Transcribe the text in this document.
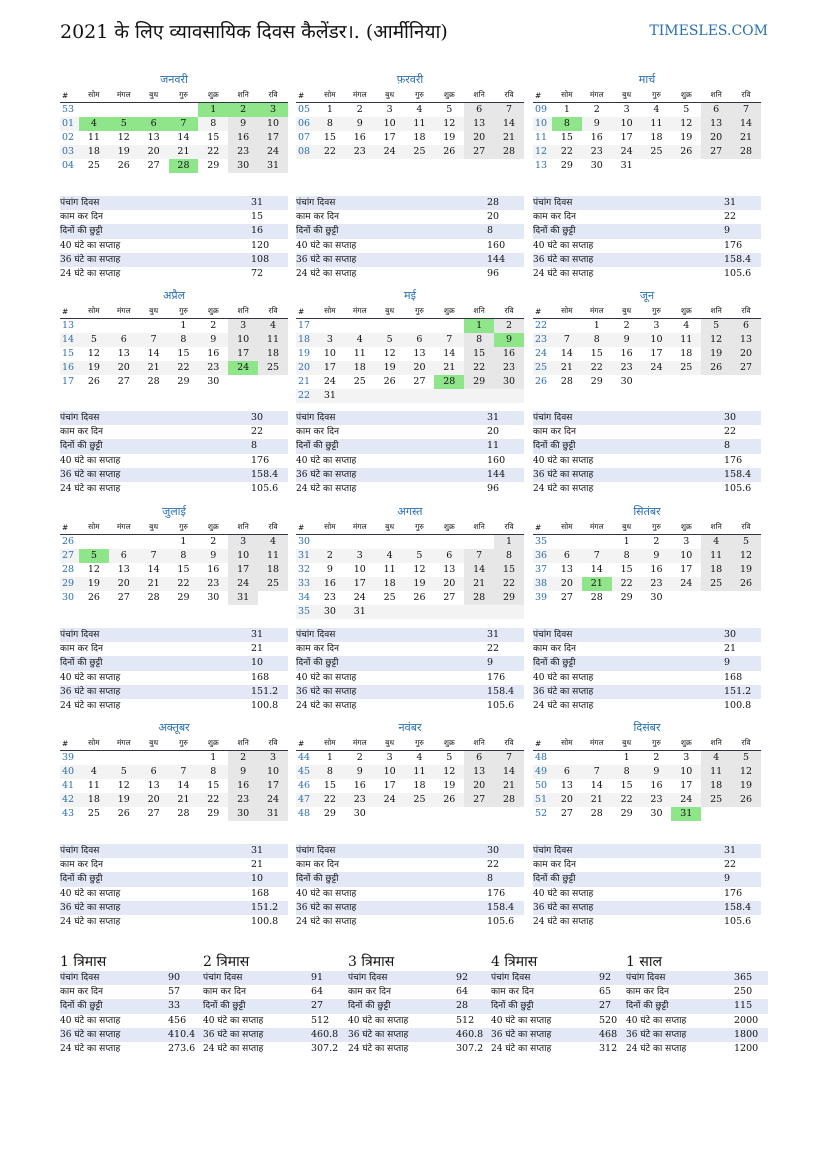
2021 के लिए व्यावसायिक दिवस कैलेंडर।. (आर्मीनिया)	TIMESLES.COM
जनवरी
#	सोम	मंगल	बुध	गुरु	शुक्र	शनि	रवि
53					1	2	3
01	4	5	6	7	8	9	10
02	11	12	13	14	15	16	17
03	18	19	20	21	22	23	24
04	25	26	27	28	29	30	31
पंचांग दिवस	31
काम कर दिन	15
दिनों की छुट्टी	16
40 घंटे का सप्ताह	120
36 घंटे का सप्ताह	108
24 घंटे का सप्ताह	72
फ़रवरी
#	सोम	मंगल	बुध	गुरु	शुक्र	शनि	रवि
05	1	2	3	4	5	6	7
06	8	9	10	11	12	13	14
07	15	16	17	18	19	20	21
08	22	23	24	25	26	27	28
पंचांग दिवस	28
काम कर दिन	20
दिनों की छुट्टी	8
40 घंटे का सप्ताह	160
36 घंटे का सप्ताह	144
24 घंटे का सप्ताह	96
मार्च
#	सोम	मंगल	बुध	गुरु	शुक्र	शनि	रवि
09	1	2	3	4	5	6	7
10	8	9	10	11	12	13	14
11	15	16	17	18	19	20	21
12	22	23	24	25	26	27	28
13	29	30	31				
पंचांग दिवस	31
काम कर दिन	22
दिनों की छुट्टी	9
40 घंटे का सप्ताह	176
36 घंटे का सप्ताह	158.4
24 घंटे का सप्ताह	105.6
अप्रैल
#	सोम	मंगल	बुध	गुरु	शुक्र	शनि	रवि
13				1	2	3	4
14	5	6	7	8	9	10	11
15	12	13	14	15	16	17	18
16	19	20	21	22	23	24	25
17	26	27	28	29	30		
पंचांग दिवस	30
काम कर दिन	22
दिनों की छुट्टी	8
40 घंटे का सप्ताह	176
36 घंटे का सप्ताह	158.4
24 घंटे का सप्ताह	105.6
मई
#	सोम	मंगल	बुध	गुरु	शुक्र	शनि	रवि
17						1	2
18	3	4	5	6	7	8	9
19	10	11	12	13	14	15	16
20	17	18	19	20	21	22	23
21	24	25	26	27	28	29	30
22	31						
पंचांग दिवस	31
काम कर दिन	20
दिनों की छुट्टी	11
40 घंटे का सप्ताह	160
36 घंटे का सप्ताह	144
24 घंटे का सप्ताह	96
जून
#	सोम	मंगल	बुध	गुरु	शुक्र	शनि	रवि
22		1	2	3	4	5	6
23	7	8	9	10	11	12	13
24	14	15	16	17	18	19	20
25	21	22	23	24	25	26	27
26	28	29	30				
पंचांग दिवस	30
काम कर दिन	22
दिनों की छुट्टी	8
40 घंटे का सप्ताह	176
36 घंटे का सप्ताह	158.4
24 घंटे का सप्ताह	105.6
जुलाई
#	सोम	मंगल	बुध	गुरु	शुक्र	शनि	रवि
26				1	2	3	4
27	5	6	7	8	9	10	11
28	12	13	14	15	16	17	18
29	19	20	21	22	23	24	25
30	26	27	28	29	30	31	
पंचांग दिवस	31
काम कर दिन	21
दिनों की छुट्टी	10
40 घंटे का सप्ताह	168
36 घंटे का सप्ताह	151.2
24 घंटे का सप्ताह	100.8
अगस्त
#	सोम	मंगल	बुध	गुरु	शुक्र	शनि	रवि
30							1
31	2	3	4	5	6	7	8
32	9	10	11	12	13	14	15
33	16	17	18	19	20	21	22
34	23	24	25	26	27	28	29
35	30	31					
पंचांग दिवस	31
काम कर दिन	22
दिनों की छुट्टी	9
40 घंटे का सप्ताह	176
36 घंटे का सप्ताह	158.4
24 घंटे का सप्ताह	105.6
सितंबर
#	सोम	मंगल	बुध	गुरु	शुक्र	शनि	रवि
35			1	2	3	4	5
36	6	7	8	9	10	11	12
37	13	14	15	16	17	18	19
38	20	21	22	23	24	25	26
39	27	28	29	30			
पंचांग दिवस	30
काम कर दिन	21
दिनों की छुट्टी	9
40 घंटे का सप्ताह	168
36 घंटे का सप्ताह	151.2
24 घंटे का सप्ताह	100.8
अक्तूबर
#	सोम	मंगल	बुध	गुरु	शुक्र	शनि	रवि
39					1	2	3
40	4	5	6	7	8	9	10
41	11	12	13	14	15	16	17
42	18	19	20	21	22	23	24
43	25	26	27	28	29	30	31
पंचांग दिवस	31
काम कर दिन	21
दिनों की छुट्टी	10
40 घंटे का सप्ताह	168
36 घंटे का सप्ताह	151.2
24 घंटे का सप्ताह	100.8
नवंबर
#	सोम	मंगल	बुध	गुरु	शुक्र	शनि	रवि
44	1	2	3	4	5	6	7
45	8	9	10	11	12	13	14
46	15	16	17	18	19	20	21
47	22	23	24	25	26	27	28
48	29	30					
पंचांग दिवस	30
काम कर दिन	22
दिनों की छुट्टी	8
40 घंटे का सप्ताह	176
36 घंटे का सप्ताह	158.4
24 घंटे का सप्ताह	105.6
दिसंबर
#	सोम	मंगल	बुध	गुरु	शुक्र	शनि	रवि
48			1	2	3	4	5
49	6	7	8	9	10	11	12
50	13	14	15	16	17	18	19
51	20	21	22	23	24	25	26
52	27	28	29	30	31		
पंचांग दिवस	31
काम कर दिन	22
दिनों की छुट्टी	9
40 घंटे का सप्ताह	176
36 घंटे का सप्ताह	158.4
24 घंटे का सप्ताह	105.6
1 त्रिमास
पंचांग दिवस	90
काम कर दिन	57
दिनों की छुट्टी	33
40 घंटे का सप्ताह	456
36 घंटे का सप्ताह	410.4
24 घंटे का सप्ताह	273.6
2 त्रिमास
पंचांग दिवस	91
काम कर दिन	64
दिनों की छुट्टी	27
40 घंटे का सप्ताह	512
36 घंटे का सप्ताह	460.8
24 घंटे का सप्ताह	307.2
3 त्रिमास
पंचांग दिवस	92
काम कर दिन	64
दिनों की छुट्टी	28
40 घंटे का सप्ताह	512
36 घंटे का सप्ताह	460.8
24 घंटे का सप्ताह	307.2
4 त्रिमास
पंचांग दिवस	92
काम कर दिन	65
दिनों की छुट्टी	27
40 घंटे का सप्ताह	520
36 घंटे का सप्ताह	468
24 घंटे का सप्ताह	312
1 साल
पंचांग दिवस	365
काम कर दिन	250
दिनों की छुट्टी	115
40 घंटे का सप्ताह	2000
36 घंटे का सप्ताह	1800
24 घंटे का सप्ताह	1200
